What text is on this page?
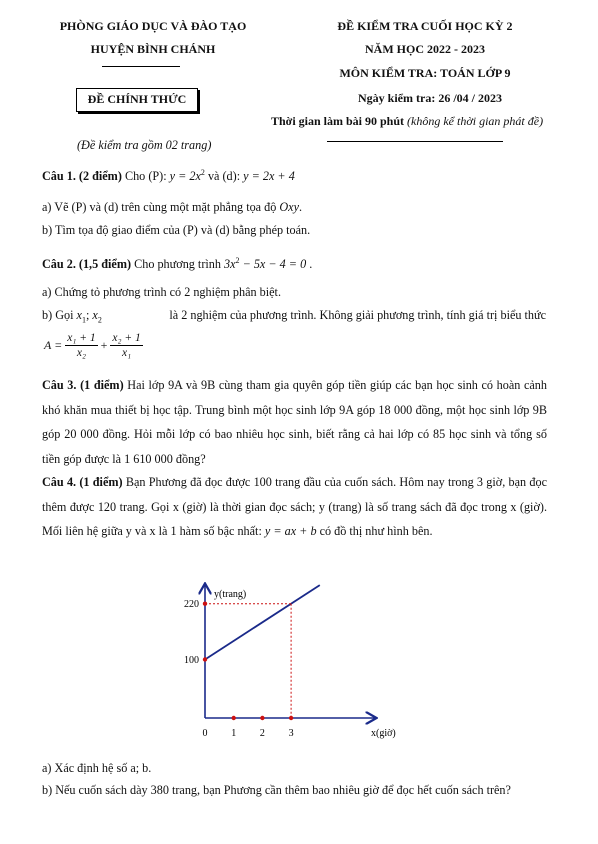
PHÒNG GIÁO DỤC VÀ ĐÀO TẠO
HUYỆN BÌNH CHÁNH
ĐỀ KIỂM TRA CUỐI HỌC KỲ 2
NĂM HỌC 2022 - 2023
MÔN KIỂM TRA: TOÁN LỚP 9
ĐỀ CHÍNH THỨC	Ngày kiểm tra: 26 /04 / 2023
Thời gian làm bài 90 phút (không kể thời gian phát đề)
(Đề kiểm tra gồm 02 trang)
Câu 1. (2 điểm) Cho (P): $y = 2x^2$ và (d): y = 2x + 4
a) Vẽ (P) và (d) trên cùng một mặt phẳng tọa độ Oxy.
b) Tìm tọa độ giao điểm của (P) và (d) bằng phép toán.
Câu 2. (1,5 điểm) Cho phương trình $3x^2 - 5x - 4 = 0$ .
a) Chứng tỏ phương trình có 2 nghiệm phân biệt.
b) Gọi $x_1$; $x_2$	là 2 nghiệm của phương trình. Không giải phương trình, tính giá trị biểu thức
$A = \frac{\text{x₁ + 1}}{\text{x₂}} + \frac{\text{x₂ + 1}}{\text{x₁}}$
Câu 3. (1 điểm) Hai lớp 9A và 9B cùng tham gia quyên góp tiền giúp các bạn học sinh có hoàn cảnh khó khăn mua thiết bị học tập. Trung bình một học sinh lớp 9A góp 18 000 đồng, một học sinh lớp 9B góp 20 000 đồng. Hỏi mỗi lớp có bao nhiêu học sinh, biết rằng cả hai lớp có 85 học sinh và tổng số tiền góp được là 1 610 000 đồng?
Câu 4. (1 điểm) Bạn Phương đã đọc được 100 trang đầu của cuốn sách. Hôm nay trong 3 giờ, bạn đọc thêm được 120 trang. Gọi x (giờ) là thời gian đọc sách; y (trang) là số trang sách đã đọc trong x (giờ). Mối liên hệ giữa y và x là 1 hàm số bậc nhất: y = ax + b có đồ thị như hình bên.
100
220
0 1 2 3
y(trang)
x(giờ)
a) Xác định hệ số a; b.
b) Nếu cuốn sách dày 380 trang, bạn Phương cần thêm bao nhiêu giờ để đọc hết cuốn sách trên?
